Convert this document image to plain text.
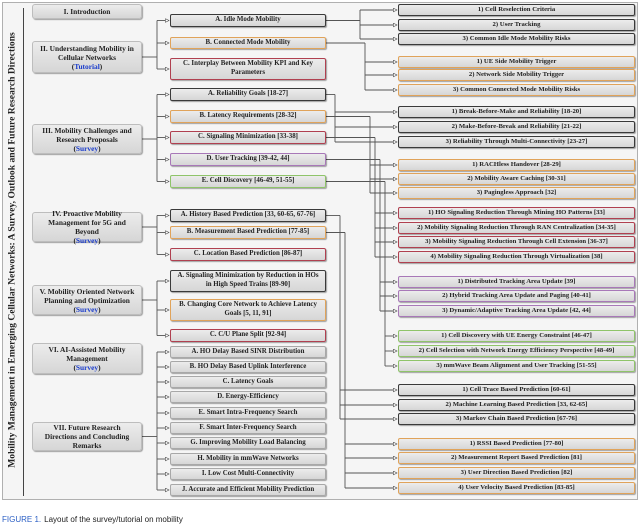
Mobility Management in Emerging Cellular Networks: A Survey, Outlook and Future Research Directions
I. Introduction
II. Understanding Mobility in Cellular Networks
( Tutorial )
A. Idle Mode Mobility
1) Cell Reselection Criteria
2) User Tracking
3) Common Idle Mode Mobility Risks
B. Connected Mode Mobility
1) UE Side Mobility Trigger
2) Network Side Mobility Trigger
3) Common Connected Mode Mobility Risks
C. Interplay Between Mobility KPI and Key Parameters
III. Mobility Challenges and Research Proposals
( Survey )
A. Reliability Goals [18-27]
1) Break-Before-Make and Reliability [18-20]
2) Make-Before-Break and Reliability [21-22]
3) Reliability Through Multi-Connectivity [23-27]
B. Latency Requirements [28-32]
1) RACHless Handover [28-29]
2) Mobility Aware Caching [30-31]
3) Pagingless Approach [32]
C. Signaling Minimization [33-38]
1) HO Signaling Reduction Through Mining HO Patterns [33]
2) Mobility Signaling Reduction Through RAN Centralization [34-35]
3) Mobility Signaling Reduction Through Cell Extension [36-37]
4) Mobility Signaling Reduction Through Virtualization [38]
D. User Tracking [39-42, 44]
1) Distributed Tracking Area Update [39]
2) Hybrid Tracking Area Update and Paging [40-41]
3) Dynamic/Adaptive Tracking Area Update [42, 44]
E. Cell Discovery [46-49, 51-55]
1) Cell Discovery with UE Energy Constraint [46-47]
2) Cell Selection with Network Energy Efficiency Perspective [48-49]
3) mmWave Beam Alignment and User Tracking [51-55]
IV. Proactive Mobility Management for 5G and Beyond
( Survey )
A. History Based Prediction [33, 60-65, 67-76]
1) Cell Trace Based Prediction [60-61]
2) Machine Learning Based Prediction [33, 62-65]
3) Markov Chain Based Prediction [67-76]
B. Measurement Based Prediction [77-85]
1) RSSI Based Prediction [77-80]
2) Measurement Report Based Prediction [81]
3) User Direction Based Prediction [82]
4) User Velocity Based Prediction [83-85]
C. Location Based Prediction [86-87]
V. Mobility Oriented Network Planning and Optimization
( Survey )
A. Signaling Minimization by Reduction in HOs in High Speed Trains [89-90]
B. Changing Core Network to Achieve Latency Goals [5, 11, 91]
C. C/U Plane Split [92-94]
VI. AI-Assisted Mobility Management
( Survey )
VII. Future Research Directions and Concluding Remarks
A. HO Delay Based SINR Distribution
B. HO Delay Based Uplink Interference
C. Latency Goals
D. Energy-Efficiency
E. Smart Intra-Frequency Search
F. Smart Inter-Frequency Search
G. Improving Mobility Load Balancing
H. Mobility in mmWave Networks
I. Low Cost Multi-Connectivity
J. Accurate and Efficient Mobility Prediction
FIGURE 1. Layout of the survey/tutorial on mobility
